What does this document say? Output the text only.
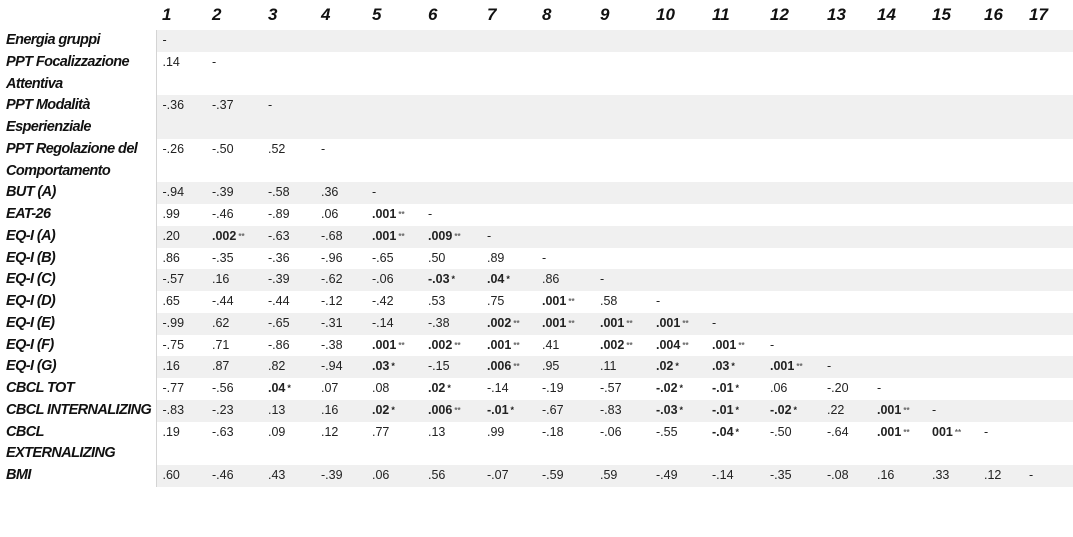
	1	2	3	4	5	6	7	8	9	10	11	12	13	14	15	16	17
Energia gruppi	-																
PPT Focalizzazione Attentiva	.14	-															
PPT Modalità Esperienziale	-.36	-.37	-														
PPT Regolazione del Comportamento	-.26	-.50	.52	-													
BUT (A)	-.94	-.39	-.58	.36	-												
EAT-26	.99	-.46	-.89	.06	.001 **	-											
EQ-I (A)	.20	.002 **	-.63	-.68	.001 **	.009 **	-										
EQ-I (B)	.86	-.35	-.36	-.96	-.65	.50	.89	-									
EQ-I (C)	-.57	.16	-.39	-.62	-.06	-.03 *	.04 *	.86	-								
EQ-I (D)	.65	-.44	-.44	-.12	-.42	.53	.75	.001 **	.58	-							
EQ-I (E)	-.99	.62	-.65	-.31	-.14	-.38	.002 **	.001 **	.001 **	.001 **	-						
EQ-I (F)	-.75	.71	-.86	-.38	.001 **	.002 **	.001 **	.41	.002 **	.004 **	.001 **	-					
EQ-I (G)	.16	.87	.82	-.94	.03 *	-.15	.006 **	.95	.11	.02 *	.03 *	.001 **	-				
CBCL TOT	-.77	-.56	.04 *	.07	.08	.02 *	-.14	-.19	-.57	-.02 *	-.01 *	.06	-.20	-			
CBCL INTERNALIZING	-.83	-.23	.13	.16	.02 *	.006 **	-.01 *	-.67	-.83	-.03 *	-.01 *	-.02 *	.22	.001 **	-		
CBCL EXTERNALIZING	.19	-.63	.09	.12	.77	.13	.99	-.18	-.06	-.55	-.04 *	-.50	-.64	.001 **	001 **	-	
BMI	.60	-.46	.43	-.39	.06	.56	-.07	-.59	.59	-.49	-.14	-.35	-.08	.16	.33	.12	-
